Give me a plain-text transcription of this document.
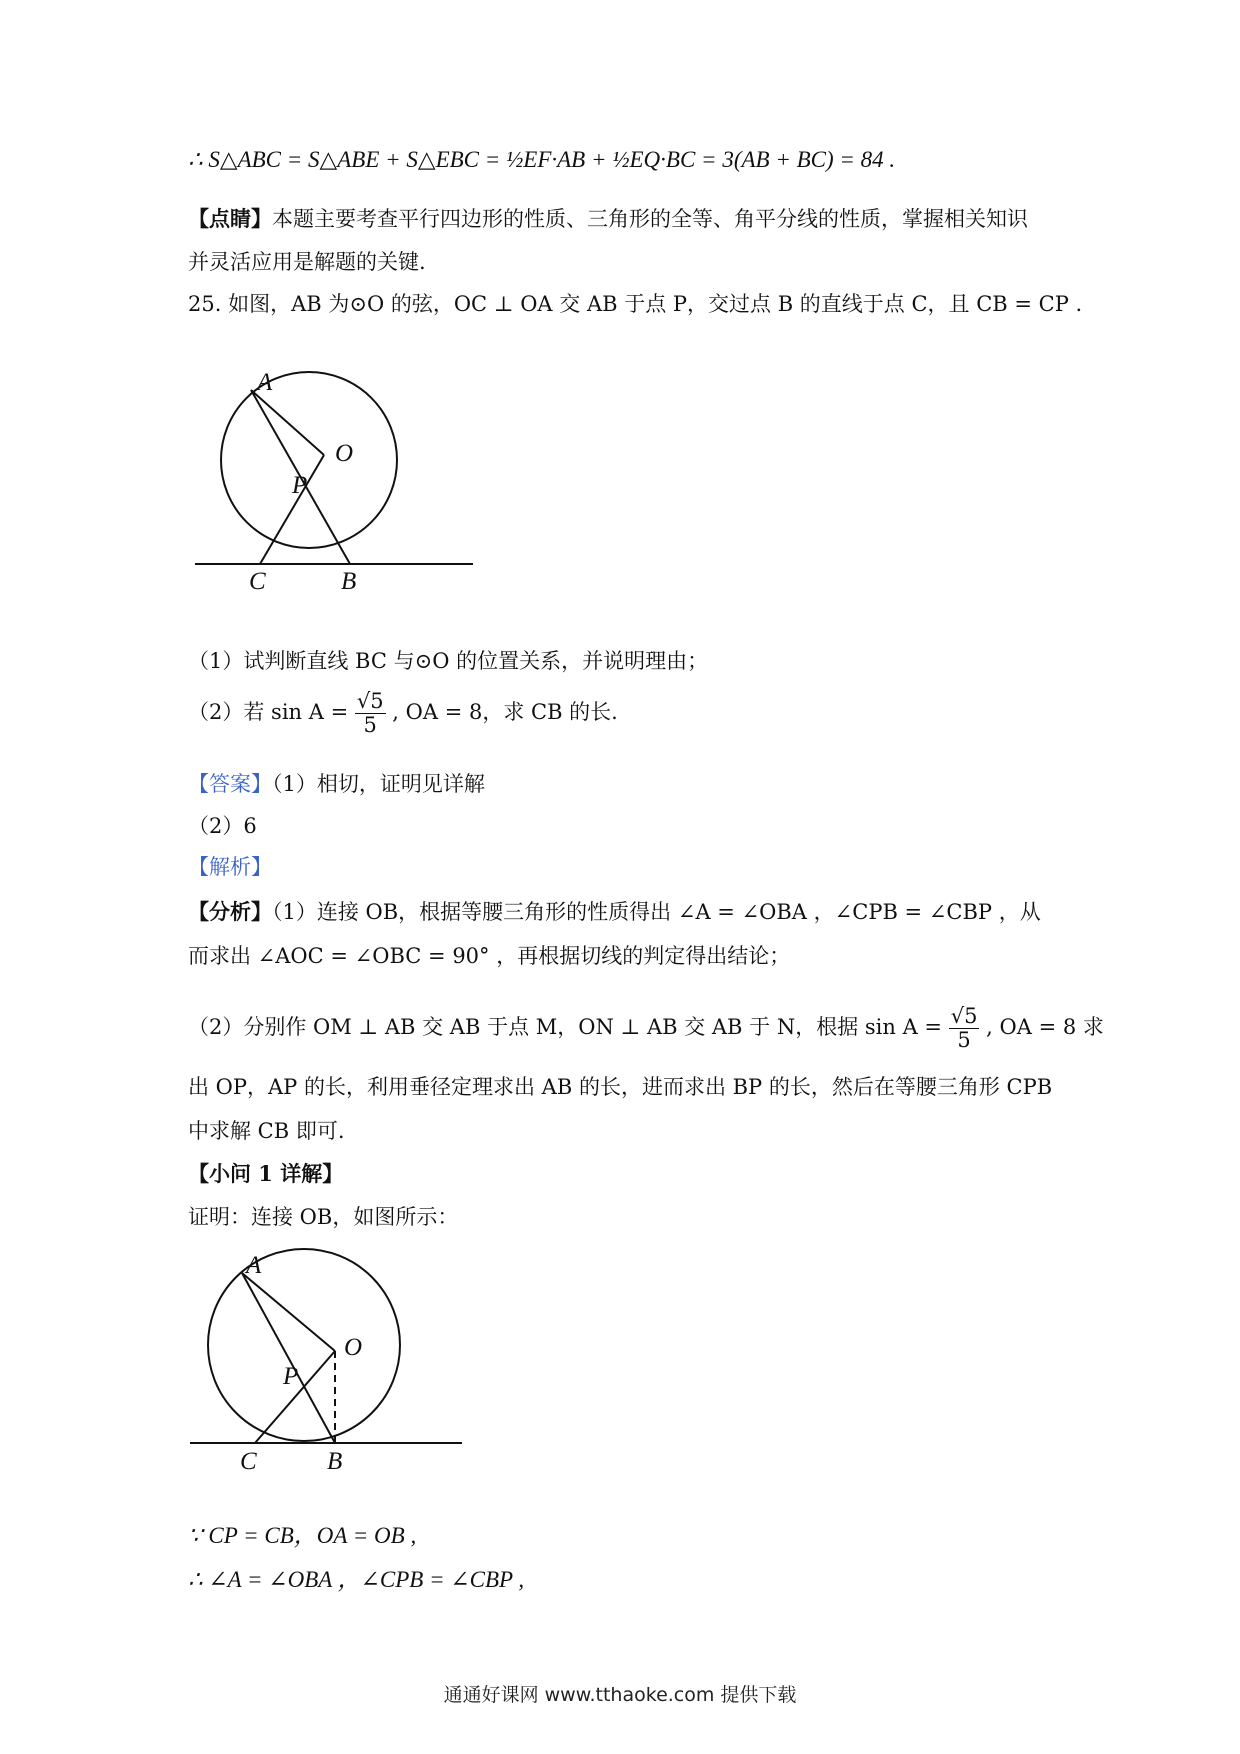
∴ S△ABC = S△ABE + S△EBC = ½EF·AB + ½EQ·BC = 3(AB + BC) = 84 .
【点睛】本题主要考查平行四边形的性质、三角形的全等、角平分线的性质，掌握相关知识
并灵活应用是解题的关键.
25. 如图，AB 为⊙O 的弦，OC ⊥ OA 交 AB 于点 P，交过点 B 的直线于点 C，且 CB = CP .
A
O
P
C	B
（1）试判断直线 BC 与⊙O 的位置关系，并说明理由；
（2）若 $\sin A = \frac{√5}{5}$ , OA = 8，求 CB 的长.
【答案】（1）相切，证明见详解
（2）6
【解析】
【分析】（1）连接 OB，根据等腰三角形的性质得出 ∠A = ∠OBA ，∠CPB = ∠CBP ，从
而求出 ∠AOC = ∠OBC = 90° ，再根据切线的判定得出结论；
（2）分别作 OM ⊥ AB 交 AB 于点 M，ON ⊥ AB 交 AB 于 N，根据 $\sin A = \frac{√5}{5}$ , OA = 8 求
出 OP，AP 的长，利用垂径定理求出 AB 的长，进而求出 BP 的长，然后在等腰三角形 CPB
中求解 CB 即可.
【小问 1 详解】
证明：连接 OB，如图所示：
A
O
P
C	B
∵ CP = CB，OA = OB ,
∴ ∠A = ∠OBA ，∠CPB = ∠CBP ,
通通好课网 www.tthaoke.com 提供下载
